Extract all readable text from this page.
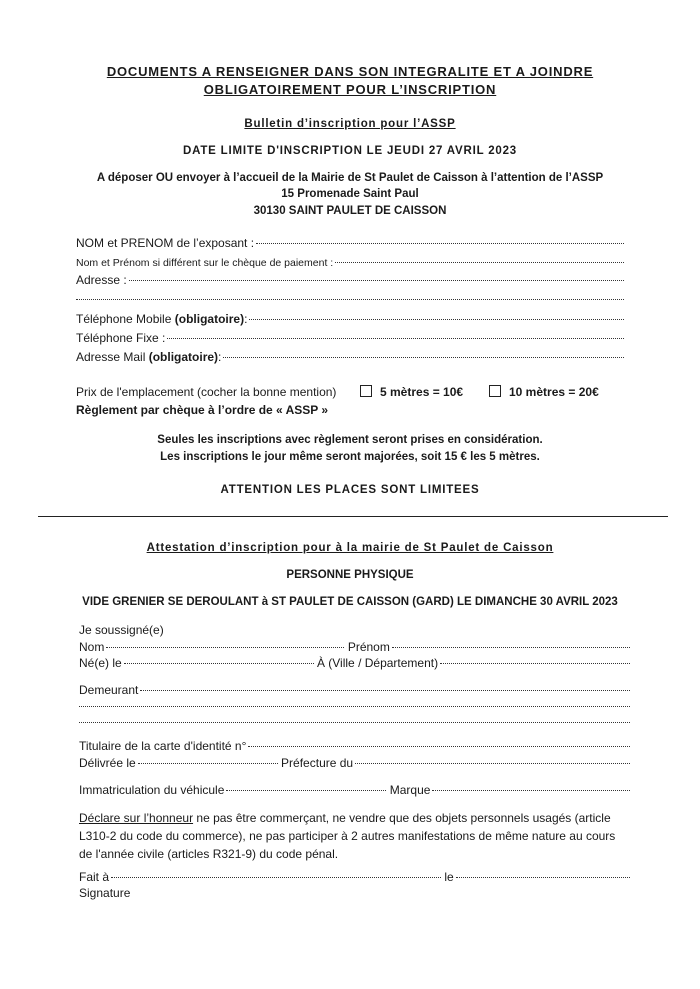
DOCUMENTS A RENSEIGNER DANS SON INTEGRALITE ET A JOINDRE
OBLIGATOIREMENT POUR L’INSCRIPTION
Bulletin d’inscription pour l’ASSP
DATE LIMITE D'INSCRIPTION LE JEUDI 27 AVRIL 2023
A déposer OU envoyer à l’accueil de la Mairie de St Paulet de Caisson à l’attention de l’ASSP
15 Promenade Saint Paul
30130 SAINT PAULET DE CAISSON
NOM et PRENOM de l’exposant :
Nom et Prénom si différent sur le chèque de paiement :
Adresse :
Téléphone Mobile
(obligatoire) :
Téléphone Fixe :
Adresse Mail
(obligatoire) :
Prix de l'emplacement (cocher la bonne mention)	5 mètres = 10€	10 mètres = 20€
Règlement par chèque à l’ordre de « ASSP »
Seules les inscriptions avec règlement seront prises en considération.
Les inscriptions le jour même seront majorées, soit 15 € les 5 mètres.
ATTENTION LES PLACES SONT LIMITEES
Attestation d’inscription pour à la mairie de St Paulet de Caisson
PERSONNE PHYSIQUE
VIDE GRENIER SE DEROULANT à ST PAULET DE CAISSON (GARD) LE DIMANCHE 30 AVRIL 2023
Je soussigné(e)
Nom
	Prénom
Né(e) le
	À (Ville / Département)
Demeurant
Titulaire de la carte d'identité n°
Délivrée le
	Préfecture du
Immatriculation du véhicule
	Marque
Déclare sur l’honneur ne pas être commerçant, ne vendre que des objets personnels usagés (article
L310-2 du code du commerce), ne pas participer à 2 autres manifestations de même nature au cours
de l'année civile (articles R321-9) du code pénal.
Fait à
	le
Signature
